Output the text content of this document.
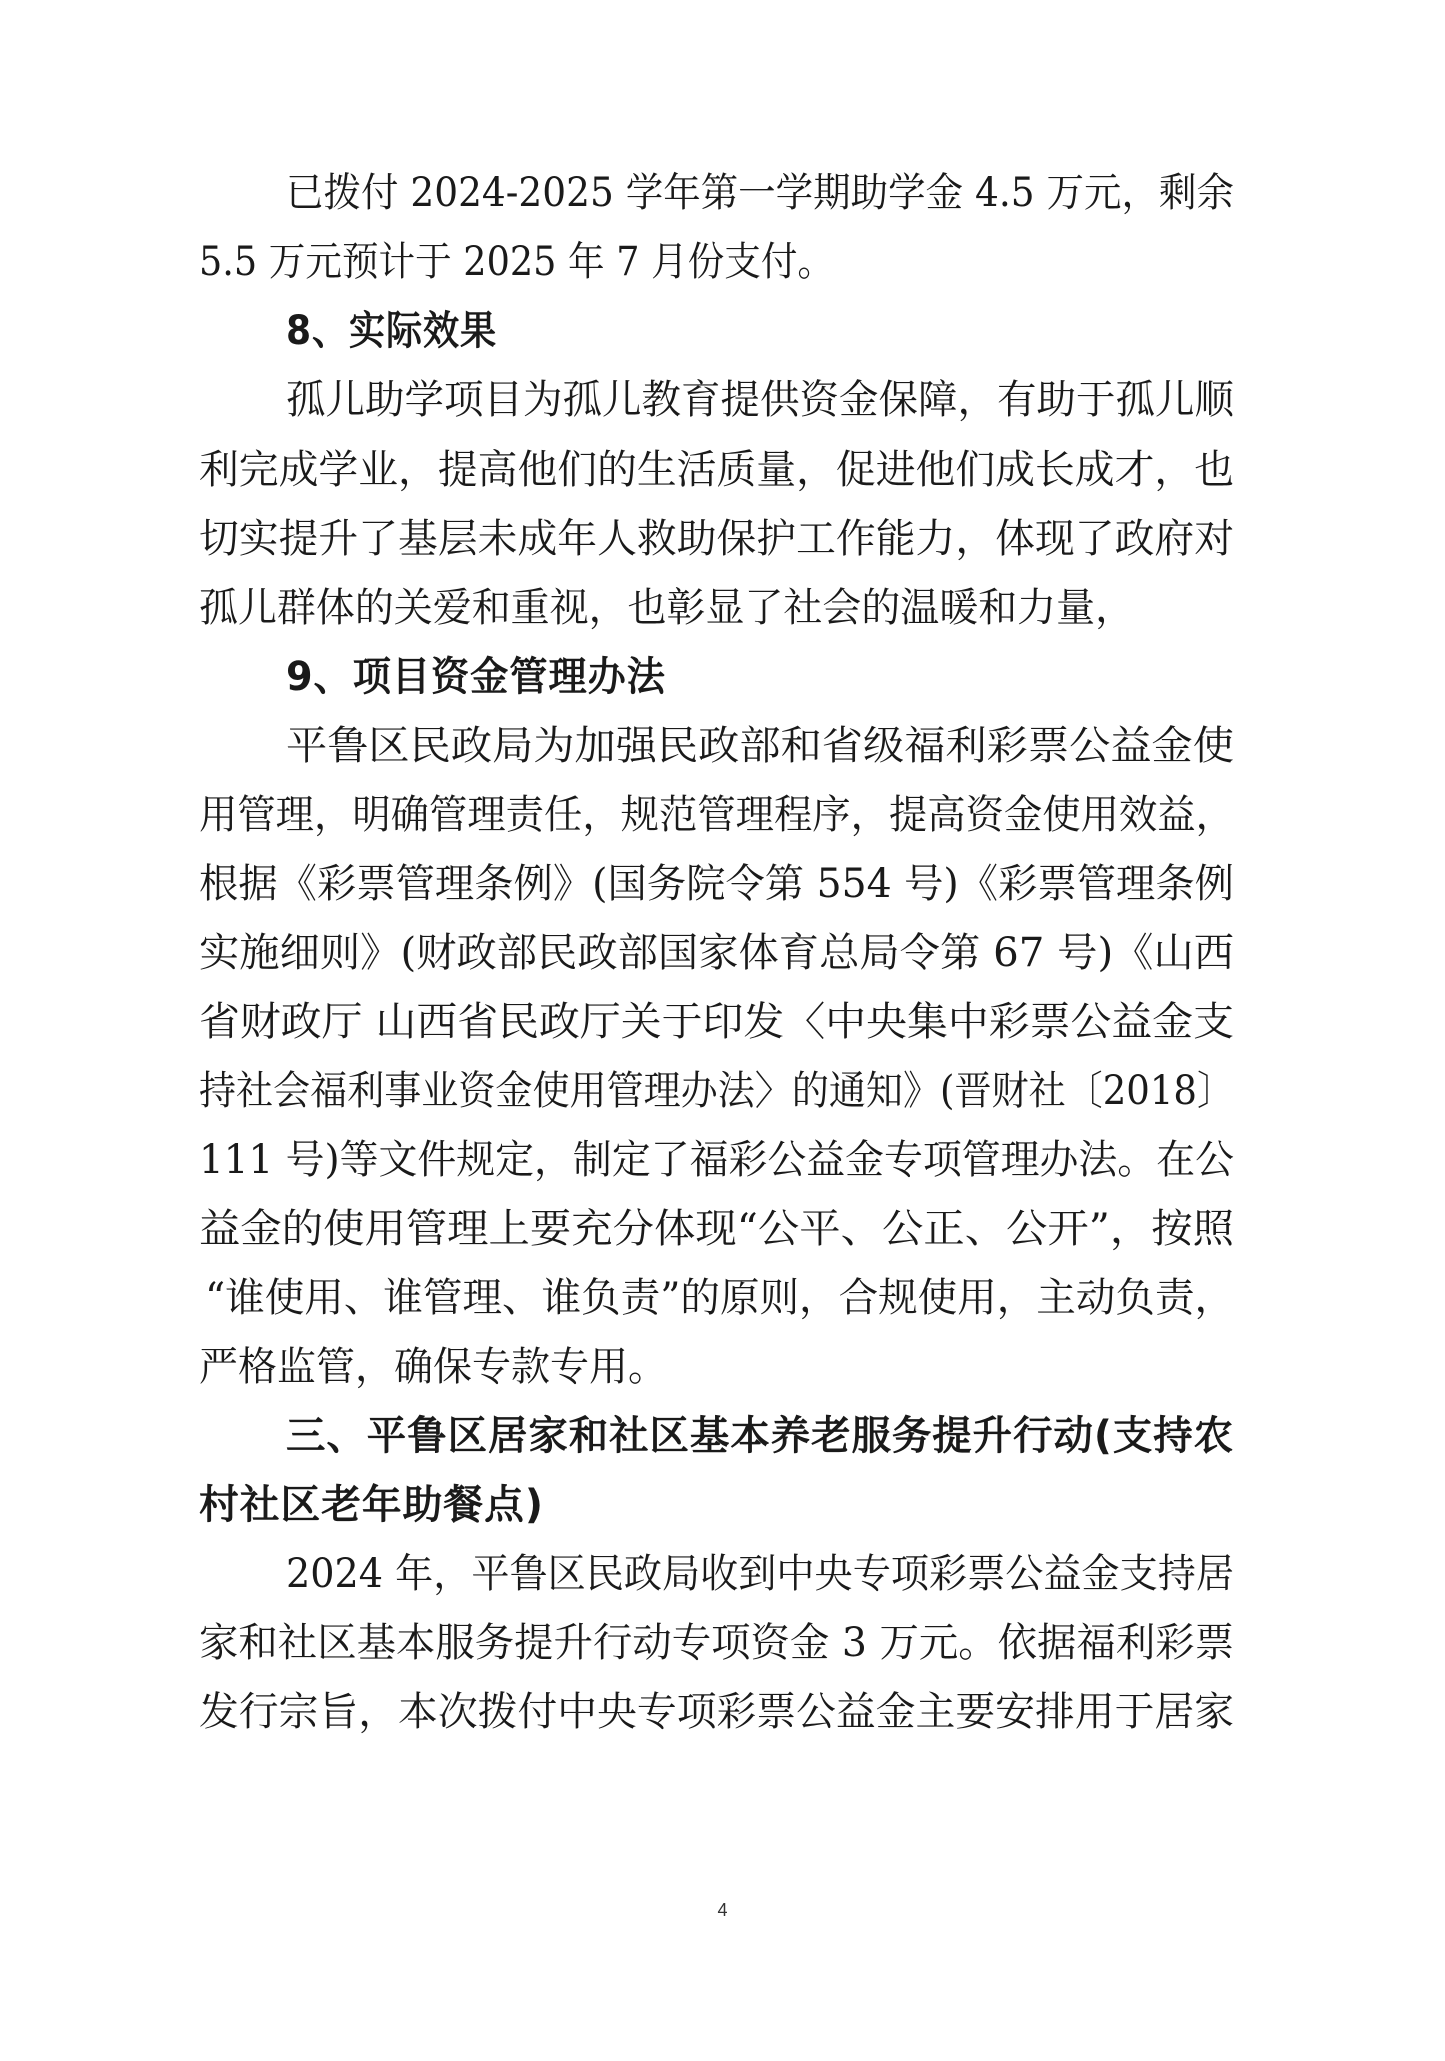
已拨付 2024-2025 学年第一学期助学金 4.5 万元，剩余
5.5 万元预计于 2025 年 7 月份支付。
8、实际效果
孤儿助学项目为孤儿教育提供资金保障，有助于孤儿顺
利完成学业，提高他们的生活质量，促进他们成长成才，也
切实提升了基层未成年人救助保护工作能力，体现了政府对
孤儿群体的关爱和重视，也彰显了社会的温暖和力量，
9、项目资金管理办法
平鲁区民政局为加强民政部和省级福利彩票公益金使
用管理，明确管理责任，规范管理程序，提高资金使用效益，
根据《彩票管理条例》(国务院令第 554 号)《彩票管理条例
实施细则》(财政部民政部国家体育总局令第 67 号)《山西
省财政厅 山西省民政厅关于印发〈中央集中彩票公益金支
持社会福利事业资金使用管理办法〉的通知》(晋财社〔2018〕
111 号)等文件规定，制定了福彩公益金专项管理办法。在公
益金的使用管理上要充分体现“公平、公正、公开”，按照
“谁使用、谁管理、谁负责”的原则，合规使用，主动负责，
严格监管，确保专款专用。
三、平鲁区居家和社区基本养老服务提升行动(支持农
村社区老年助餐点)
2024 年，平鲁区民政局收到中央专项彩票公益金支持居
家和社区基本服务提升行动专项资金 3 万元。依据福利彩票
发行宗旨，本次拨付中央专项彩票公益金主要安排用于居家
4
